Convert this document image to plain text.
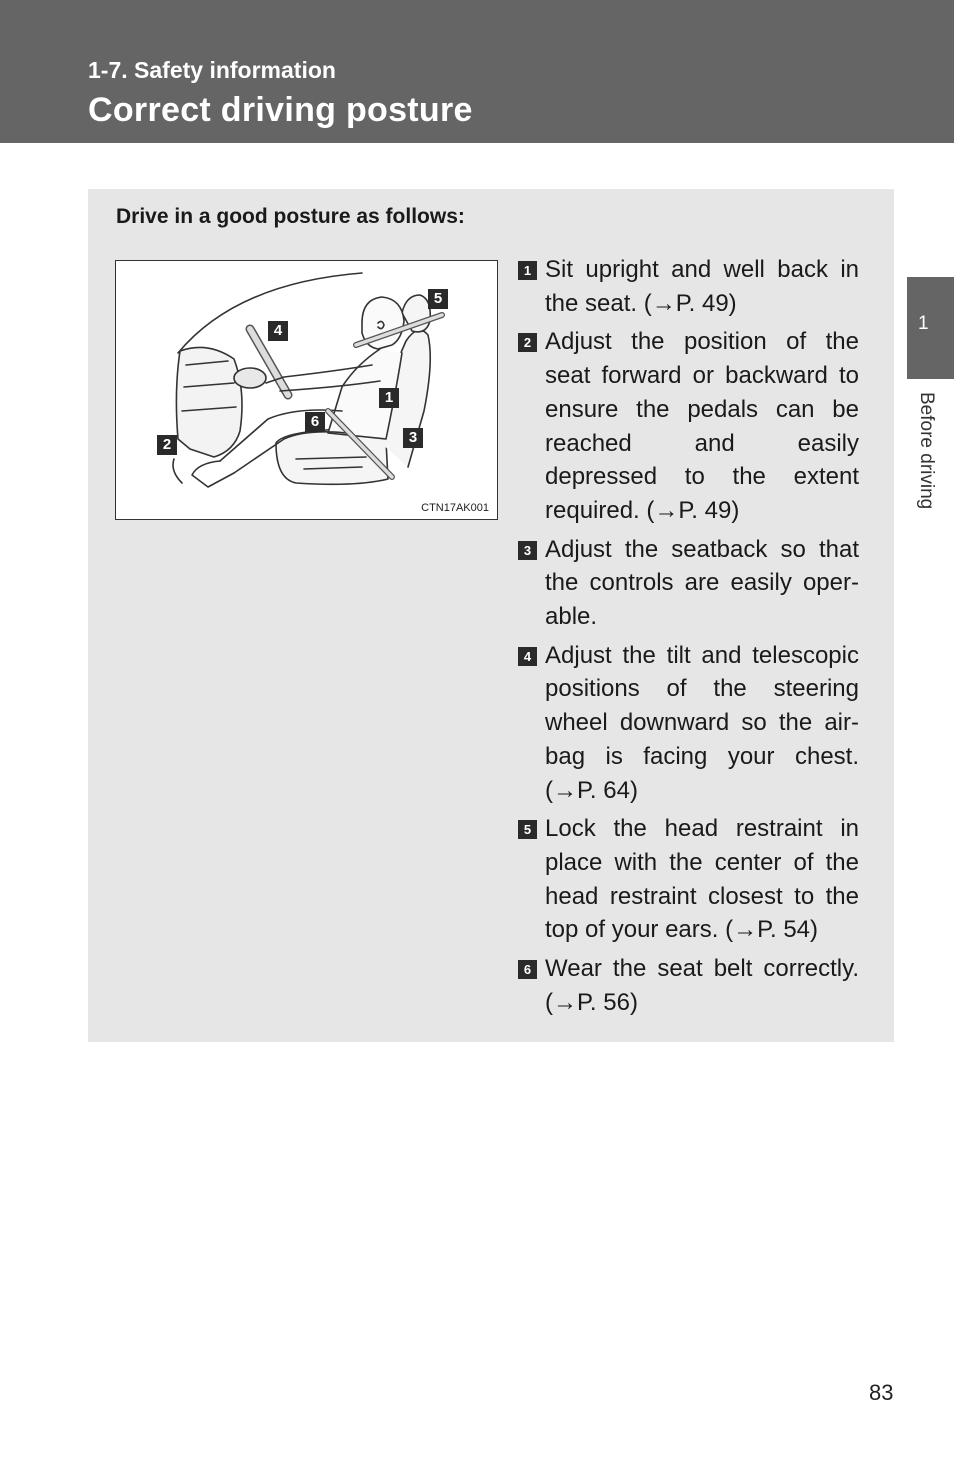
1-7. Safety information
Correct driving posture
1
Before driving
Drive in a good posture as follows:
5
4
1
6
3
2
CTN17AK001
1 Sit upright and well back in the seat. (→P. 49)
2 Adjust the position of the seat forward or backward to ensure the pedals can be reached and easily depressed to the extent required. (→P. 49)
3 Adjust the seatback so that the controls are easily oper-able.
4 Adjust the tilt and telescopic positions of the steering wheel downward so the air-bag is facing your chest. (→P. 64)
5 Lock the head restraint in place with the center of the head restraint closest to the top of your ears. (→P. 54)
6 Wear the seat belt correctly. (→P. 56)
83
